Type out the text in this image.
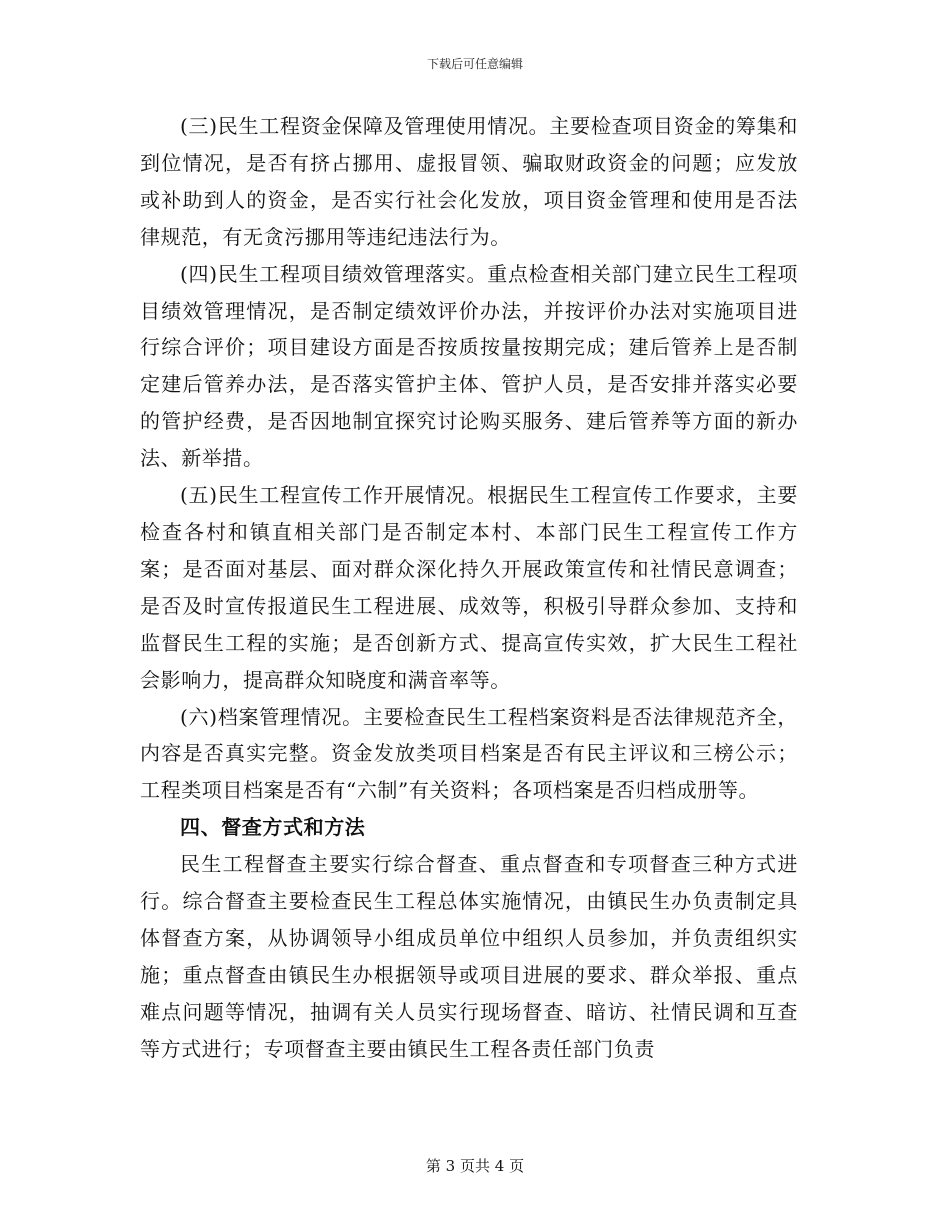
下载后可任意编辑

(三)民生工程资金保障及管理使用情况。主要检查项目资金的筹集和到位情况，是否有挤占挪用、虚报冒领、骗取财政资金的问题；应发放或补助到人的资金，是否实行社会化发放，项目资金管理和使用是否法律规范，有无贪污挪用等违纪违法行为。

(四)民生工程项目绩效管理落实。重点检查相关部门建立民生工程项目绩效管理情况，是否制定绩效评价办法，并按评价办法对实施项目进行综合评价；项目建设方面是否按质按量按期完成；建后管养上是否制定建后管养办法，是否落实管护主体、管护人员，是否安排并落实必要的管护经费，是否因地制宜探究讨论购买服务、建后管养等方面的新办法、新举措。

(五)民生工程宣传工作开展情况。根据民生工程宣传工作要求，主要检查各村和镇直相关部门是否制定本村、本部门民生工程宣传工作方案；是否面对基层、面对群众深化持久开展政策宣传和社情民意调查；是否及时宣传报道民生工程进展、成效等，积极引导群众参加、支持和监督民生工程的实施；是否创新方式、提高宣传实效，扩大民生工程社会影响力，提高群众知晓度和满音率等。

(六)档案管理情况。主要检查民生工程档案资料是否法律规范齐全，内容是否真实完整。资金发放类项目档案是否有民主评议和三榜公示；工程类项目档案是否有“六制”有关资料；各项档案是否归档成册等。

四、督查方式和方法

民生工程督查主要实行综合督查、重点督查和专项督查三种方式进行。综合督查主要检查民生工程总体实施情况，由镇民生办负责制定具体督查方案，从协调领导小组成员单位中组织人员参加，并负责组织实施；重点督查由镇民生办根据领导或项目进展的要求、群众举报、重点难点问题等情况，抽调有关人员实行现场督查、暗访、社情民调和互查等方式进行；专项督查主要由镇民生工程各责任部门负责

第 3 页共 4 页
